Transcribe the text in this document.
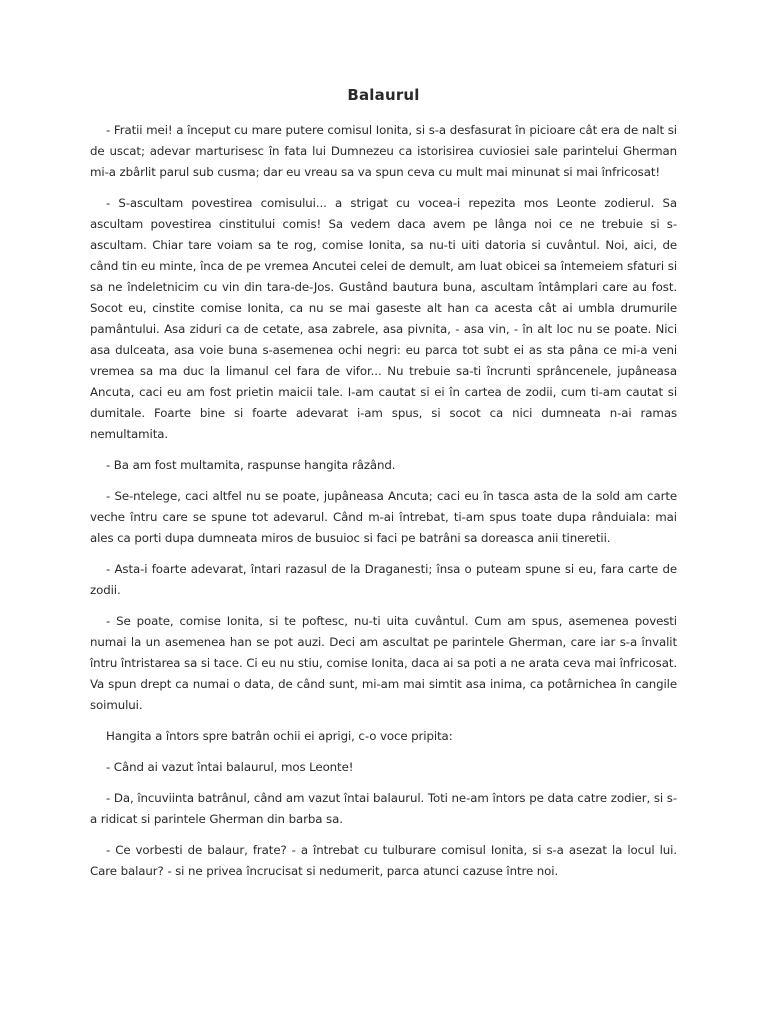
Balaurul

- Fratii mei! a început cu mare putere comisul Ionita, si s-a desfasurat în picioare cât era de nalt si de uscat; adevar marturisesc în fata lui Dumnezeu ca istorisirea cuviosiei sale parintelui Gherman mi-a zbârlit parul sub cusma; dar eu vreau sa va spun ceva cu mult mai minunat si mai înfricosat!

- S-ascultam povestirea comisului... a strigat cu vocea-i repezita mos Leonte zodierul. Sa ascultam povestirea cinstitului comis! Sa vedem daca avem pe lânga noi ce ne trebuie si s-ascultam. Chiar tare voiam sa te rog, comise Ionita, sa nu-ti uiti datoria si cuvântul. Noi, aici, de când tin eu minte, înca de pe vremea Ancutei celei de demult, am luat obicei sa întemeiem sfaturi si sa ne îndeletnicim cu vin din tara-de-Jos. Gustând bautura buna, ascultam întâmplari care au fost. Socot eu, cinstite comise Ionita, ca nu se mai gaseste alt han ca acesta cât ai umbla drumurile pamântului. Asa ziduri ca de cetate, asa zabrele, asa pivnita, - asa vin, - în alt loc nu se poate. Nici asa dulceata, asa voie buna s-asemenea ochi negri: eu parca tot subt ei as sta pâna ce mi-a veni vremea sa ma duc la limanul cel fara de vifor... Nu trebuie sa-ti încrunti sprâncenele, jupâneasa Ancuta, caci eu am fost prietin maicii tale. I-am cautat si ei în cartea de zodii, cum ti-am cautat si dumitale. Foarte bine si foarte adevarat i-am spus, si socot ca nici dumneata n-ai ramas nemultamita.

- Ba am fost multamita, raspunse hangita râzând.

- Se-ntelege, caci altfel nu se poate, jupâneasa Ancuta; caci eu în tasca asta de la sold am carte veche întru care se spune tot adevarul. Când m-ai întrebat, ti-am spus toate dupa rânduiala: mai ales ca porti dupa dumneata miros de busuioc si faci pe batrâni sa doreasca anii tineretii.

- Asta-i foarte adevarat, întari razasul de la Draganesti; însa o puteam spune si eu, fara carte de zodii.

- Se poate, comise Ionita, si te poftesc, nu-ti uita cuvântul. Cum am spus, asemenea povesti numai la un asemenea han se pot auzi. Deci am ascultat pe parintele Gherman, care iar s-a învalit întru întristarea sa si tace. Ci eu nu stiu, comise Ionita, daca ai sa poti a ne arata ceva mai înfricosat. Va spun drept ca numai o data, de când sunt, mi-am mai simtit asa inima, ca potârnichea în cangile soimului.

Hangita a întors spre batrân ochii ei aprigi, c-o voce pripita:

- Când ai vazut întai balaurul, mos Leonte!

- Da, încuviinta batrânul, când am vazut întai balaurul. Toti ne-am întors pe data catre zodier, si s-a ridicat si parintele Gherman din barba sa.

- Ce vorbesti de balaur, frate? - a întrebat cu tulburare comisul Ionita, si s-a asezat la locul lui. Care balaur? - si ne privea încrucisat si nedumerit, parca atunci cazuse între noi.
